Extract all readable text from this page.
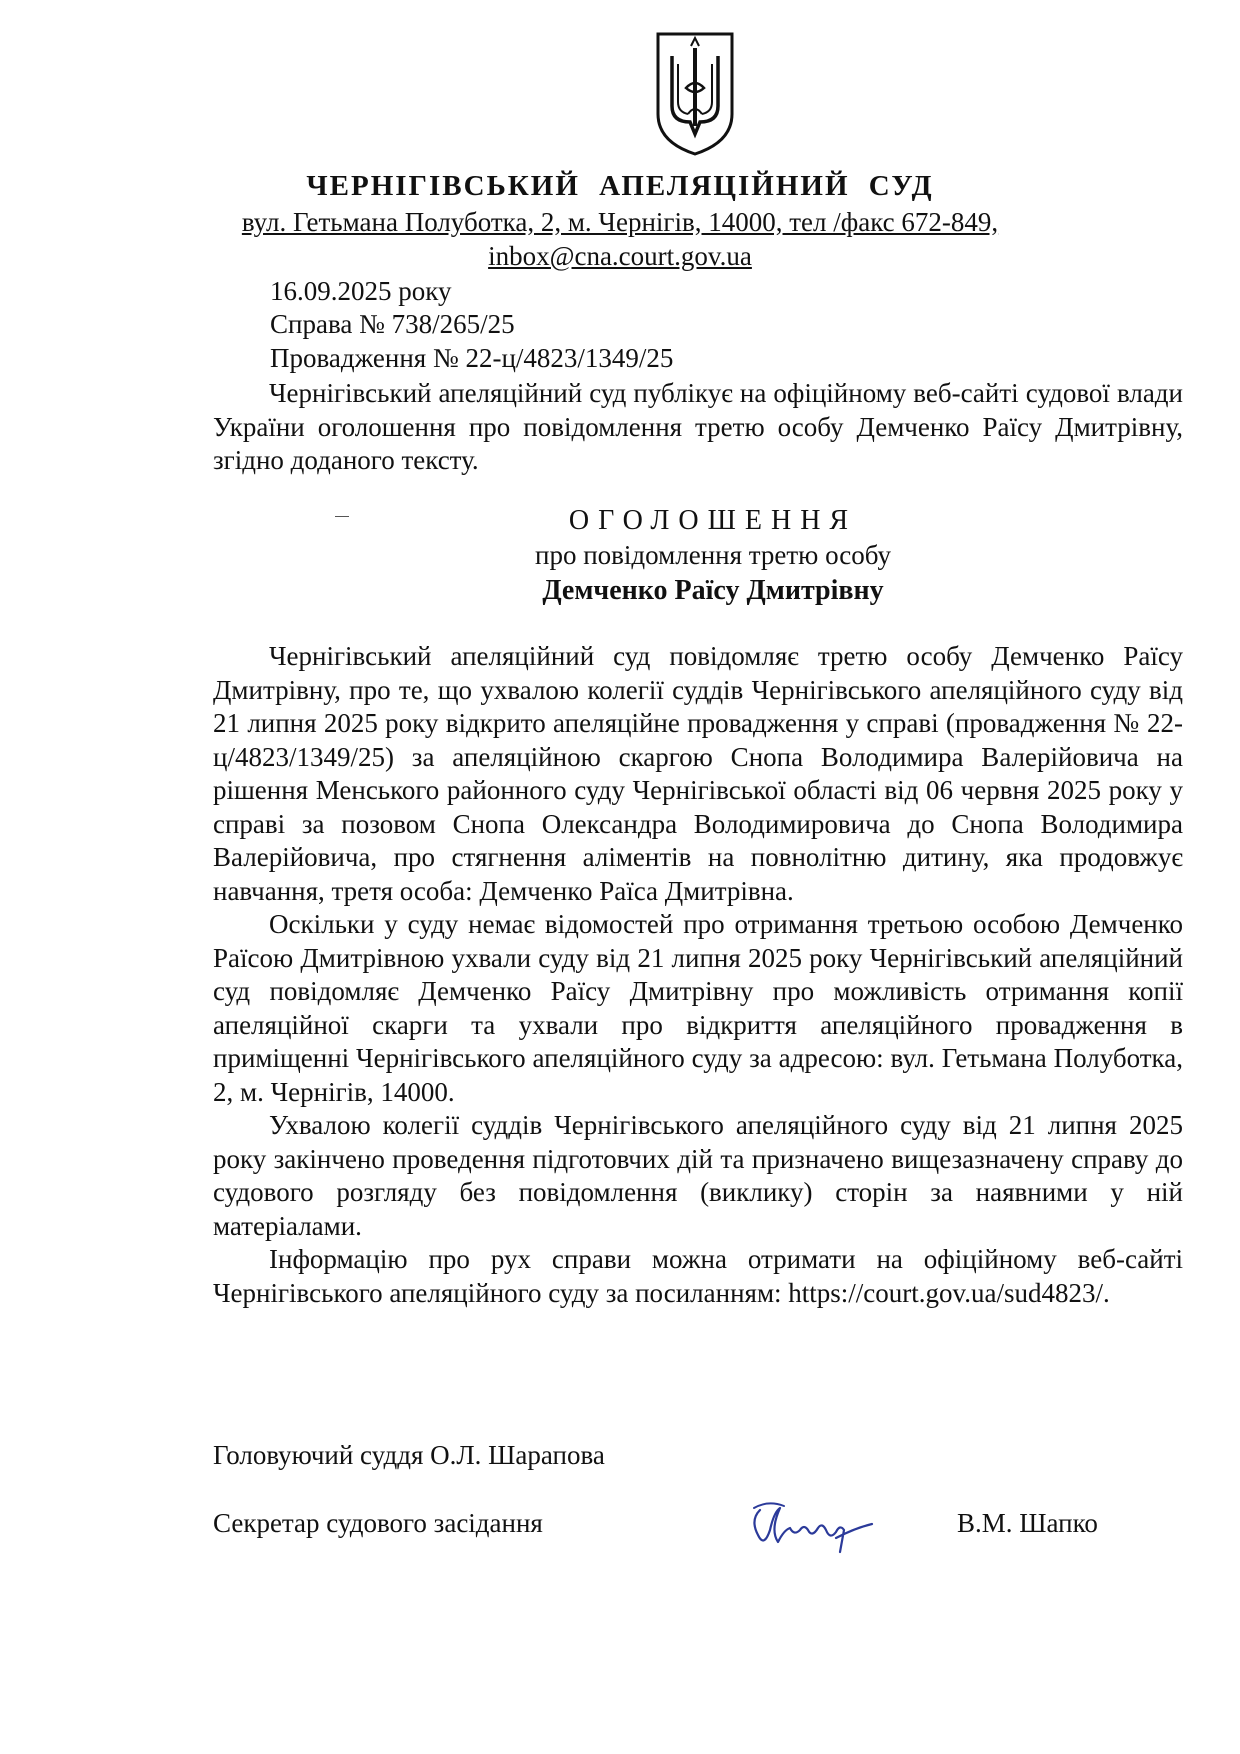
ЧЕРНІГІВСЬКИЙ АПЕЛЯЦІЙНИЙ СУД
вул. Гетьмана Полуботка, 2, м. Чернігів, 14000, тел /факс 672-849,
inbox@cna.court.gov.ua
16.09.2025 року
Справа № 738/265/25
Провадження № 22-ц/4823/1349/25

Чернігівський апеляційний суд публікує на офіційному веб-сайті судової влади України оголошення про повідомлення третю особу Демченко Раїсу Дмитрівну, згідно доданого тексту.

ОГОЛОШЕННЯ
про повідомлення третю особу
Демченко Раїсу Дмитрівну

Чернігівський апеляційний суд повідомляє третю особу Демченко Раїсу Дмитрівну, про те, що ухвалою колегії суддів Чернігівського апеляційного суду від 21 липня 2025 року відкрито апеляційне провадження у справі (провадження № 22-ц/4823/1349/25) за апеляційною скаргою Снопа Володимира Валерійовича на рішення Менського районного суду Чернігівської області від 06 червня 2025 року у справі за позовом Снопа Олександра Володимировича до Снопа Володимира Валерійовича, про стягнення аліментів на повнолітню дитину, яка продовжує навчання, третя особа: Демченко Раїса Дмитрівна.

Оскільки у суду немає відомостей про отримання третьою особою Демченко Раїсою Дмитрівною ухвали суду від 21 липня 2025 року Чернігівський апеляційний суд повідомляє Демченко Раїсу Дмитрівну про можливість отримання копії апеляційної скарги та ухвали про відкриття апеляційного провадження в приміщенні Чернігівського апеляційного суду за адресою: вул. Гетьмана Полуботка, 2, м. Чернігів, 14000.

Ухвалою колегії суддів Чернігівського апеляційного суду від 21 липня 2025 року закінчено проведення підготовчих дій та призначено вищезазначену справу до судового розгляду без повідомлення (виклику) сторін за наявними у ній матеріалами.

Інформацію про рух справи можна отримати на офіційному веб-сайті Чернігівського апеляційного суду за посиланням: https://court.gov.ua/sud4823/.

Головуючий суддя О.Л. Шарапова
Секретар судового засідання	В.М. Шапко
